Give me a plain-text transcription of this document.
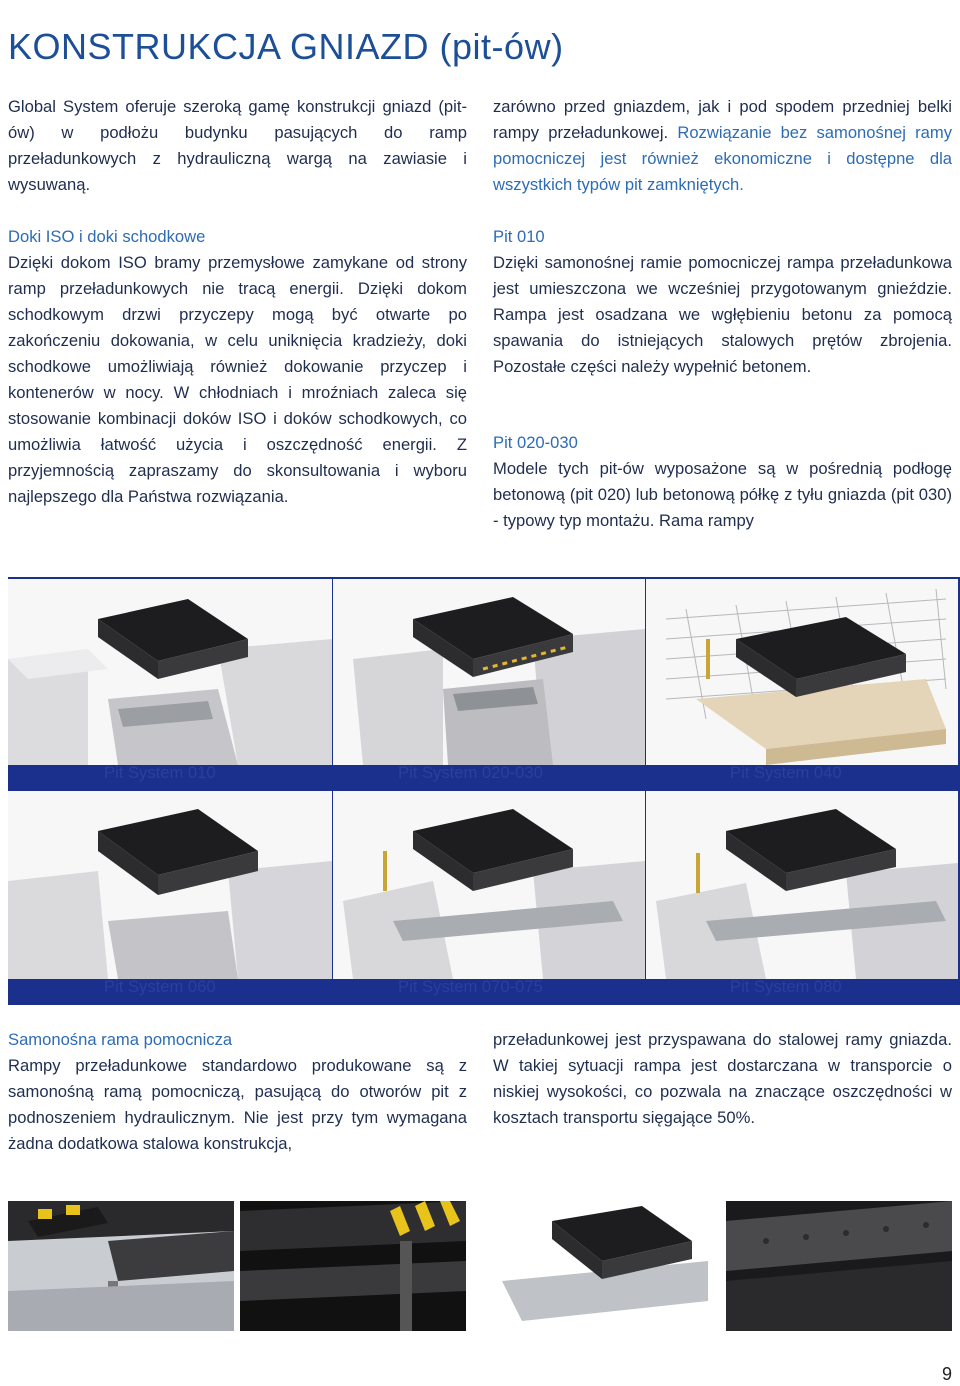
KONSTRUKCJA GNIAZD (pit-ów)

Global System oferuje szeroką gamę konstrukcji gniazd (pit-ów) w podłożu budynku pasujących do ramp przeładunkowych z hydrauliczną wargą na zawiasie i wysuwaną.

Doki ISO i doki schodkowe

Dzięki dokom ISO bramy przemysłowe zamykane od strony ramp przeładunkowych nie tracą energii. Dzięki dokom schodkowym drzwi przyczepy mogą być otwarte po zakończeniu dokowania, w celu uniknięcia kradzieży, doki schodkowe umożliwiają również dokowanie przyczep i kontenerów w nocy. W chłodniach i mroźniach zaleca się stosowanie kombinacji doków ISO i doków schodkowych, co umożliwia łatwość użycia i oszczędność energii. Z przyjemnością zapraszamy do skonsultowania i wyboru najlepszego dla Państwa rozwiązania.

zarówno przed gniazdem, jak i pod spodem przedniej belki rampy przeładunkowej. Rozwiązanie bez samonośnej ramy pomocniczej jest również ekonomiczne i dostępne dla wszystkich typów pit zamkniętych.

Pit 010

Dzięki samonośnej ramie pomocniczej rampa przeładunkowa jest umieszczona we wcześniej przygotowanym gnieździe. Rampa jest osadzana we wgłębieniu betonu za pomocą spawania do istniejących stalowych prętów zbrojenia. Pozostałe części należy wypełnić betonem.

Pit 020-030

Modele tych pit-ów wyposażone są w pośrednią podłogę betonową (pit 020) lub betonową półkę z tyłu gniazda (pit 030) - typowy typ montażu. Rama rampy

Pit System 010	Pit System 020-030	Pit System 040
Pit System 060	Pit System 070-075	Pit System 080

Samonośna rama pomocnicza

Rampy przeładunkowe standardowo produkowane są z samonośną ramą pomocniczą, pasującą do otworów pit z podnoszeniem hydraulicznym. Nie jest przy tym wymagana żadna dodatkowa stalowa konstrukcja,

przeładunkowej jest przyspawana do stalowej ramy gniazda. W takiej sytuacji rampa jest dostarczana w transporcie o niskiej wysokości, co pozwala na znaczące oszczędności w kosztach transportu sięgające 50%.

9
